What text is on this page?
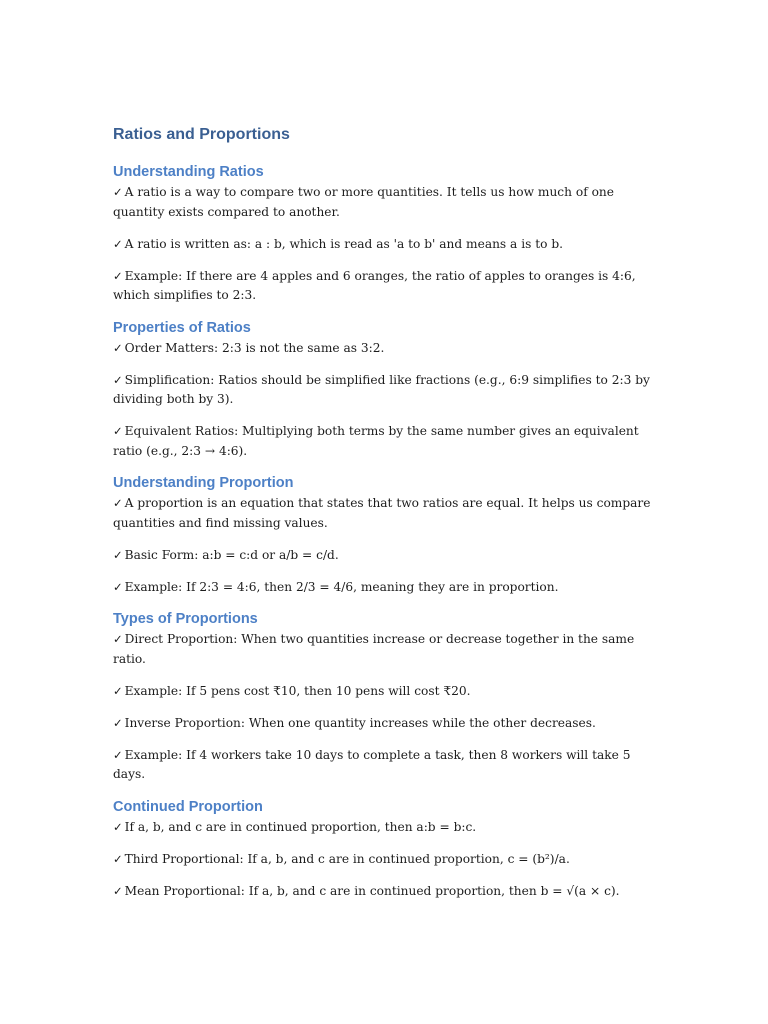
Ratios and Proportions
Understanding Ratios

✓ A ratio is a way to compare two or more quantities. It tells us how much of one quantity exists compared to another.

✓ A ratio is written as: a : b, which is read as 'a to b' and means a is to b.

✓ Example: If there are 4 apples and 6 oranges, the ratio of apples to oranges is 4:6, which simplifies to 2:3.

Properties of Ratios

✓ Order Matters: 2:3 is not the same as 3:2.

✓ Simplification: Ratios should be simplified like fractions (e.g., 6:9 simplifies to 2:3 by dividing both by 3).

✓ Equivalent Ratios: Multiplying both terms by the same number gives an equivalent ratio (e.g., 2:3 → 4:6).

Understanding Proportion

✓ A proportion is an equation that states that two ratios are equal. It helps us compare quantities and find missing values.

✓ Basic Form: a:b = c:d or a/b = c/d.

✓ Example: If 2:3 = 4:6, then 2/3 = 4/6, meaning they are in proportion.

Types of Proportions

✓ Direct Proportion: When two quantities increase or decrease together in the same ratio.

✓ Example: If 5 pens cost ₹10, then 10 pens will cost ₹20.

✓ Inverse Proportion: When one quantity increases while the other decreases.

✓ Example: If 4 workers take 10 days to complete a task, then 8 workers will take 5 days.

Continued Proportion

✓ If a, b, and c are in continued proportion, then a:b = b:c.

✓ Third Proportional: If a, b, and c are in continued proportion, c = (b²)/a.

✓ Mean Proportional: If a, b, and c are in continued proportion, then b = √(a × c).
